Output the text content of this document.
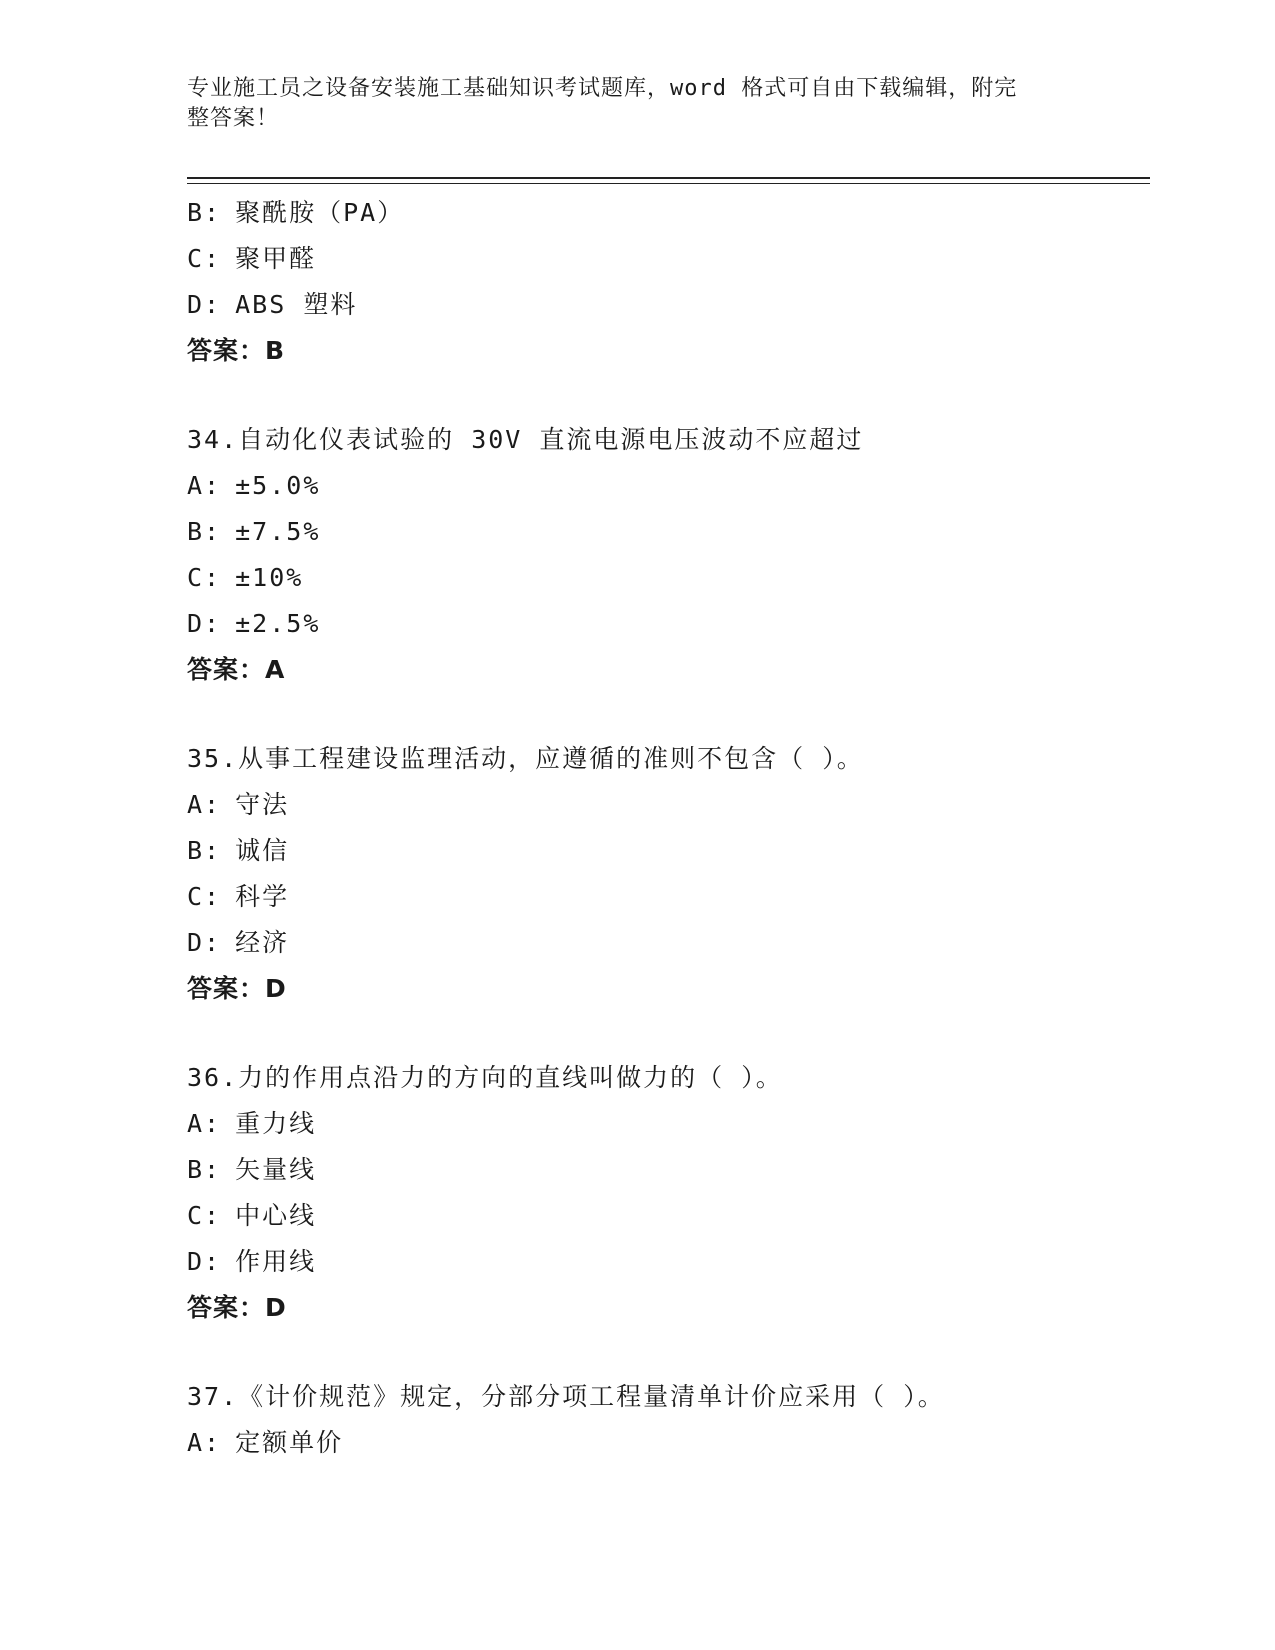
专业施工员之设备安装施工基础知识考试题库，word 格式可自由下载编辑，附完
整答案！
B: 聚酰胺（PA）
C: 聚甲醛
D: ABS 塑料
答案：B
34.自动化仪表试验的 30V 直流电源电压波动不应超过
A: ±5.0%
B: ±7.5%
C: ±10%
D: ±2.5%
答案：A
35.从事工程建设监理活动，应遵循的准则不包含（ ）。
A: 守法
B: 诚信
C: 科学
D: 经济
答案：D
36.力的作用点沿力的方向的直线叫做力的（ ）。
A: 重力线
B: 矢量线
C: 中心线
D: 作用线
答案：D
37.《计价规范》规定，分部分项工程量清单计价应采用（ ）。
A: 定额单价
